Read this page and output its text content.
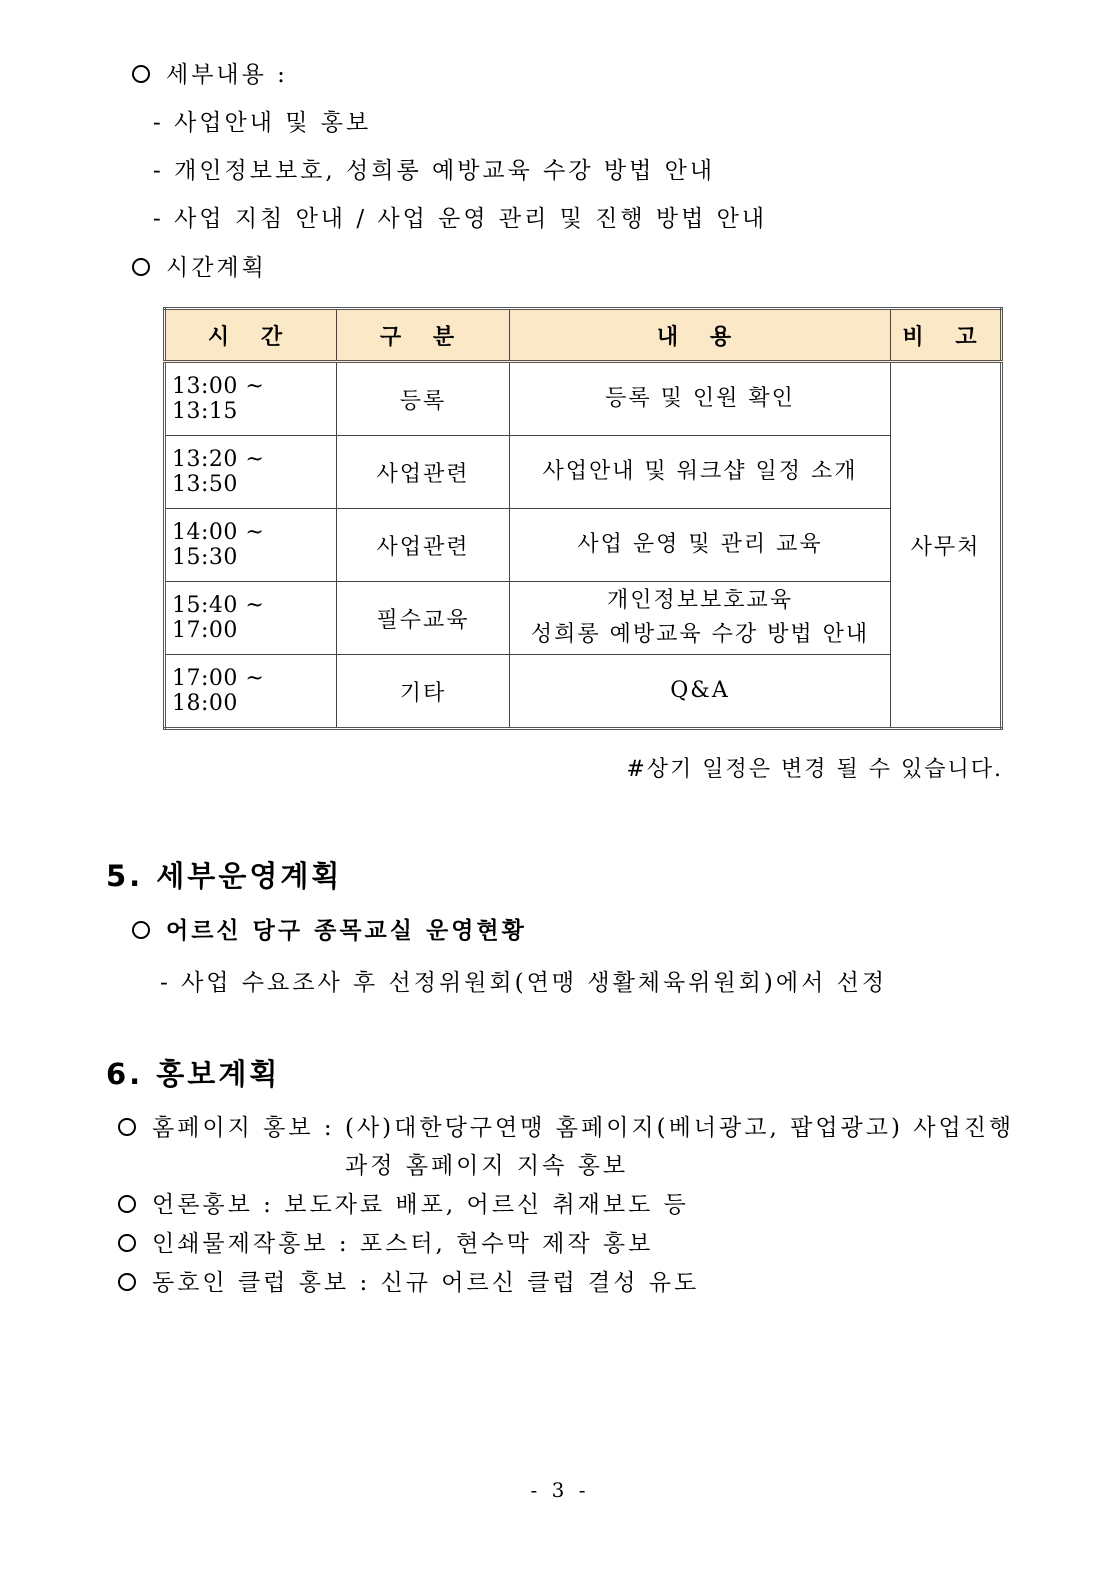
세부내용 :
- 사업안내 및 홍보
- 개인정보보호, 성희롱 예방교육 수강 방법 안내
- 사업 지침 안내 / 사업 운영 관리 및 진행 방법 안내
시간계획
시 간	구 분	내 용	비 고
13:00 ~ 13:15	등록	등록 및 인원 확인	사무처
13:20 ~ 13:50	사업관련	사업안내 및 워크샵 일정 소개	

14:00 ~ 15:30	사업관련	사업 운영 및 관리 교육	

15:40 ~ 17:00	필수교육	개인정보보호교육
성희롱 예방교육 수강 방법 안내	

17:00 ~ 18:00	기타	Q&A	
#상기 일정은 변경 될 수 있습니다.
5. 세부운영계획
어르신 당구 종목교실 운영현황
- 사업 수요조사 후 선정위원회(연맹 생활체육위원회)에서 선정
6. 홍보계획
홈페이지 홍보 : (사)대한당구연맹 홈페이지(베너광고, 팝업광고) 사업진행
과정 홈페이지 지속 홍보
언론홍보 : 보도자료 배포, 어르신 취재보도 등
인쇄물제작홍보 : 포스터, 현수막 제작 홍보
동호인 클럽 홍보 : 신규 어르신 클럽 결성 유도
- 3 -
